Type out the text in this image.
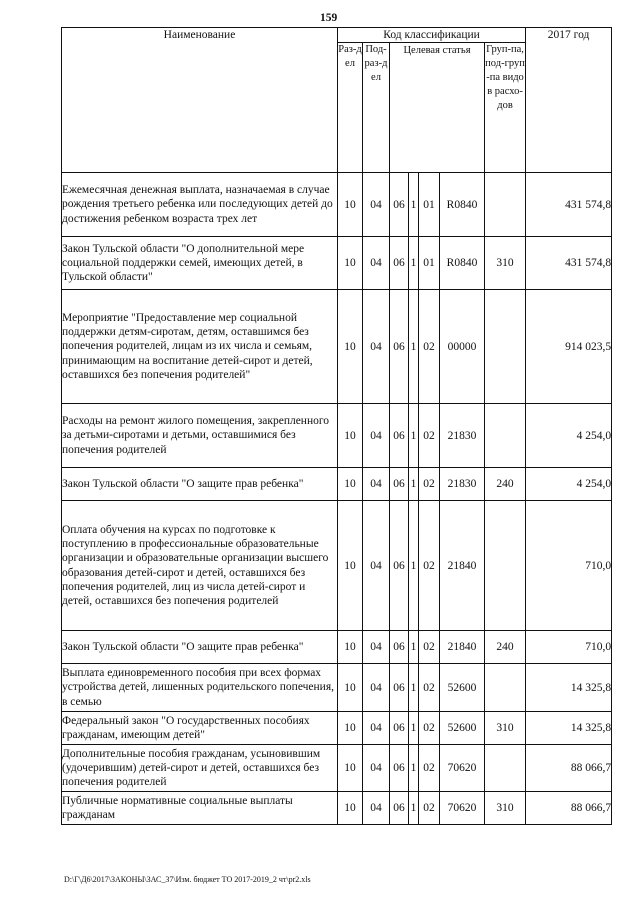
159
Наименование	Код классификации							2017 год

	Раз-дел	Под-раз-дел	Целевая статья				Груп-па, под-груп-па видов расхо-дов	

Ежемесячная денежная выплата, назначаемая в случае рождения третьего ребенка или последующих детей до достижения ребенком возраста трех лет	10	04	06	1	01	R0840		431 574,8
Закон Тульской области "О дополнительной мере социальной поддержки семей, имеющих детей, в Тульской области"	10	04	06	1	01	R0840	310	431 574,8
Мероприятие "Предоставление мер социальной поддержки детям-сиротам, детям, оставшимся без попечения родителей, лицам из их числа и семьям, принимающим на воспитание детей-сирот и детей, оставшихся без попечения родителей"	10	04	06	1	02	00000		914 023,5
Расходы на ремонт жилого помещения, закрепленного за детьми-сиротами и детьми, оставшимися без попечения родителей	10	04	06	1	02	21830		4 254,0
Закон Тульской области "О защите прав ребенка"	10	04	06	1	02	21830	240	4 254,0
Оплата обучения на курсах по подготовке к поступлению в профессиональные образовательные организации и образовательные организации высшего образования детей-сирот и детей, оставшихся без попечения родителей, лиц из числа детей-сирот и детей, оставшихся без попечения родителей	10	04	06	1	02	21840		710,0
Закон Тульской области "О защите прав ребенка"	10	04	06	1	02	21840	240	710,0
Выплата единовременного пособия при всех формах устройства детей, лишенных родительского попечения, в семью	10	04	06	1	02	52600		14 325,8
Федеральный закон "О государственных пособиях гражданам, имеющим детей"	10	04	06	1	02	52600	310	14 325,8
Дополнительные пособия гражданам, усыновившим (удочерившим) детей-сирот и детей, оставшихся без попечения родителей	10	04	06	1	02	70620		88 066,7
Публичные нормативные социальные выплаты гражданам	10	04	06	1	02	70620	310	88 066,7
D:\Г\Д6\2017\ЗАКОНЫ\ЗАС_37\Изм. бюджет ТО 2017-2019_2 чт\pr2.xls
